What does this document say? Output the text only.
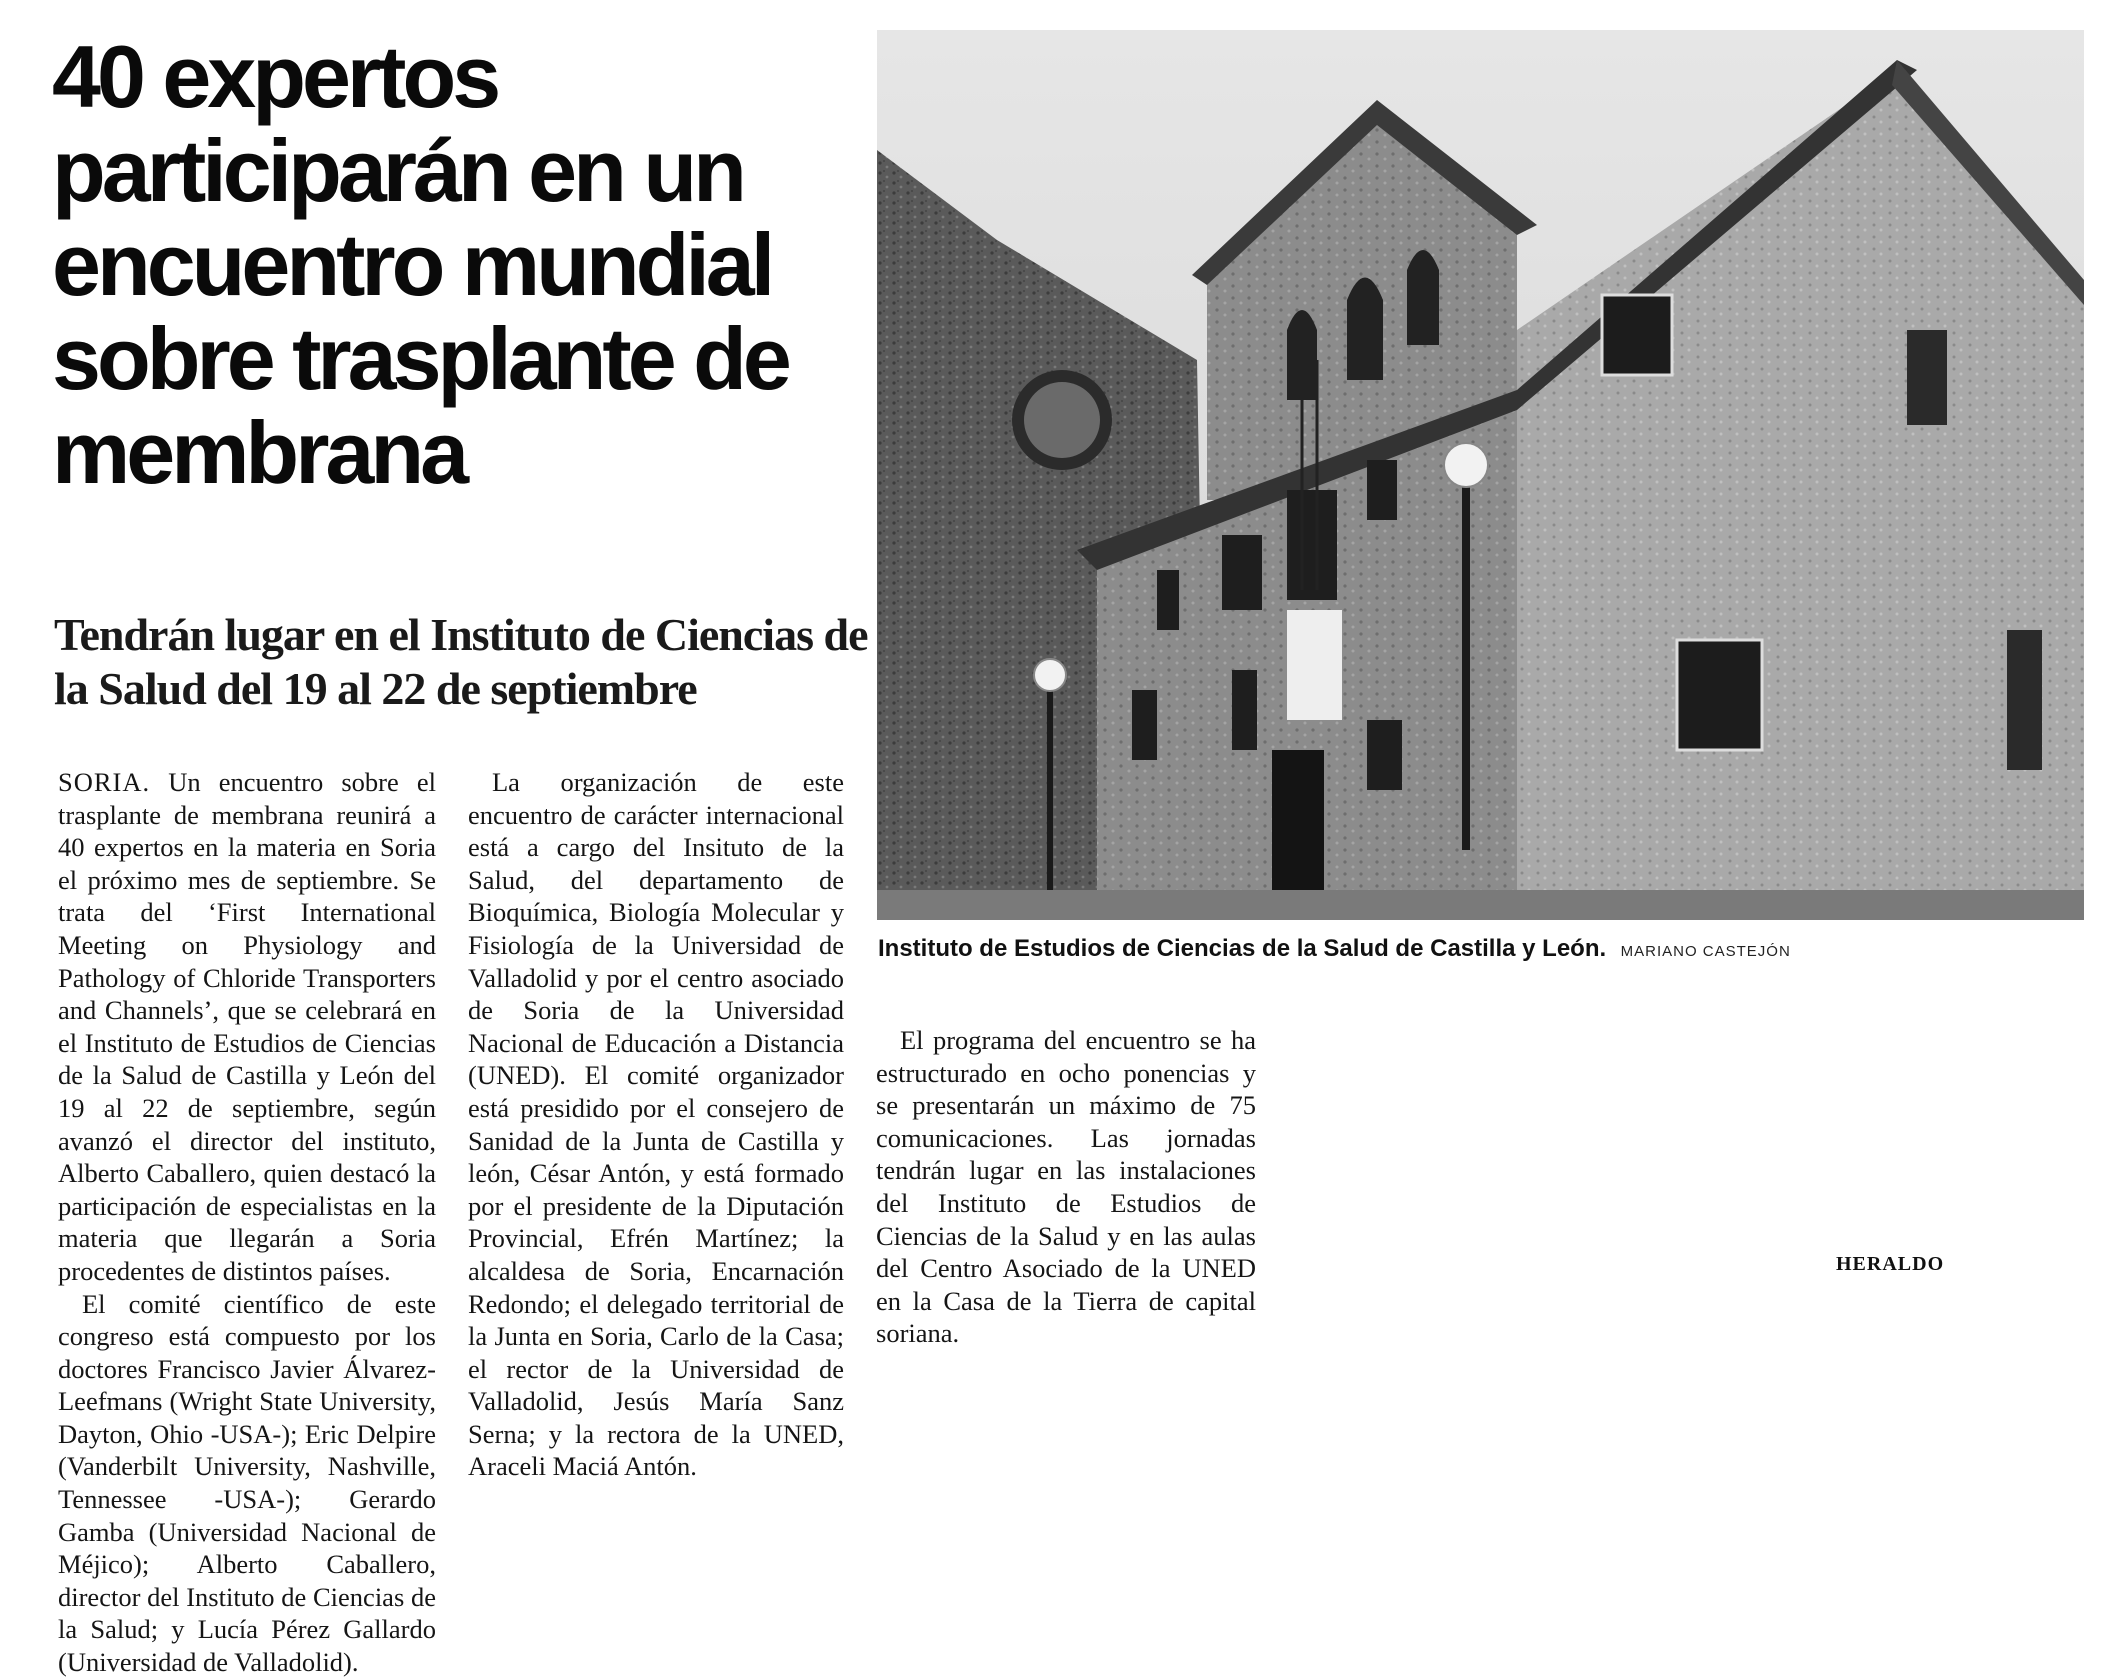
40 expertos participarán en un encuentro mundial sobre trasplante de membrana
Tendrán lugar en el Instituto de Ciencias de la Salud del 19 al 22 de septiembre
Instituto de Estudios de Ciencias de la Salud de Castilla y León. MARIANO CASTEJÓN

SORIA. Un encuentro sobre el trasplante de membrana reunirá a 40 expertos en la materia en Soria el próximo mes de septiembre. Se trata del ‘First International Meeting on Physiology and Pathology of Chloride Transporters and Channels’, que se celebrará en el Instituto de Estudios de Ciencias de la Salud de Castilla y León del 19 al 22 de septiembre, según avanzó el director del instituto, Alberto Caballero, quien destacó la participación de especialistas en la materia que llegarán a Soria procedentes de distintos países.

El comité científico de este congreso está compuesto por los doctores Francisco Javier Álvarez-Leefmans (Wright State University, Dayton, Ohio -USA-); Eric Delpire (Vanderbilt University, Nashville, Tennessee -USA-); Gerardo Gamba (Universidad Nacional de Méjico); Alberto Caballero, director del Instituto de Ciencias de la Salud; y Lucía Pérez Gallardo (Universidad de Valladolid).

La organización de este encuentro de carácter internacional está a cargo del Insituto de la Salud, del departamento de Bioquímica, Biología Molecular y Fisiología de la Universidad de Valladolid y por el centro asociado de Soria de la Universidad Nacional de Educación a Distancia (UNED). El comité organizador está presidido por el consejero de Sanidad de la Junta de Castilla y león, César Antón, y está formado por el presidente de la Diputación Provincial, Efrén Martínez; la alcaldesa de Soria, Encarnación Redondo; el delegado territorial de la Junta en Soria, Carlo de la Casa; el rector de la Universidad de Valladolid, Jesús María Sanz Serna; y la rectora de la UNED, Araceli Maciá Antón.

El programa del encuentro se ha estructurado en ocho ponencias y se presentarán un máximo de 75 comunicaciones. Las jornadas tendrán lugar en las instalaciones del Instituto de Estudios de Ciencias de la Salud y en las aulas del Centro Asociado de la UNED en la Casa de la Tierra de capital soriana.

HERALDO
